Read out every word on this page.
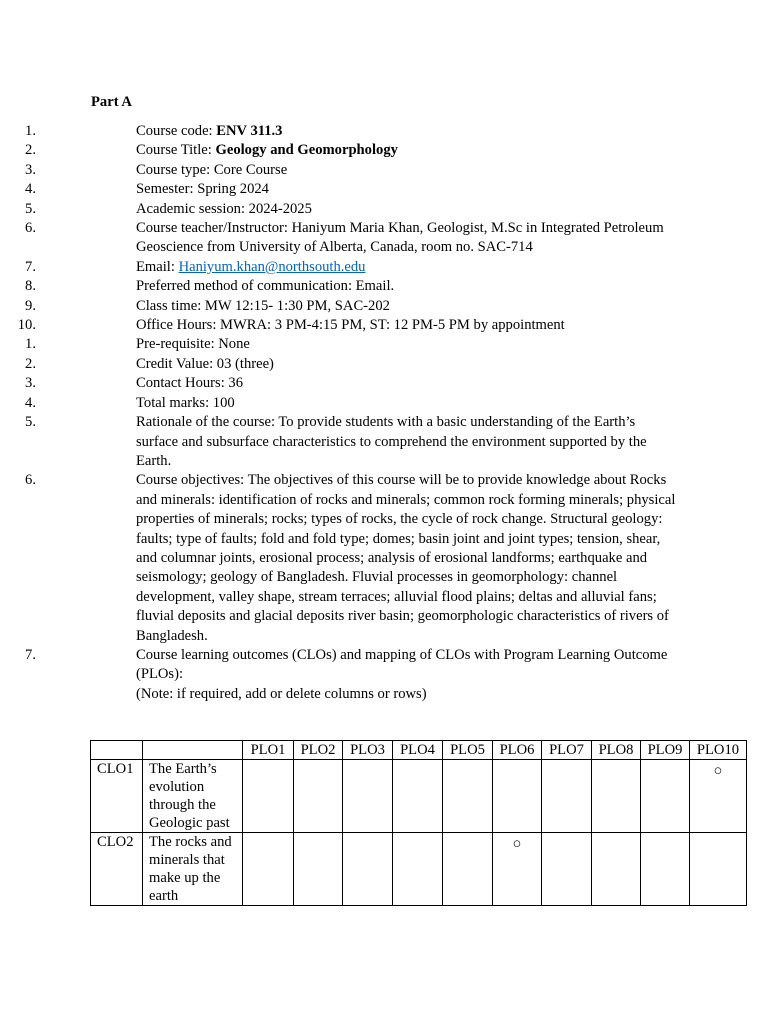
Part A
1.	Course code: ENV 311.3
2.	Course Title: Geology and Geomorphology
3.	Course type: Core Course
4.	Semester: Spring 2024
5.	Academic session: 2024-2025
6.	Course teacher/Instructor: Haniyum Maria Khan, Geologist, M.Sc in Integrated Petroleum Geoscience from University of Alberta, Canada, room no. SAC-714
7.	Email: Haniyum.khan@northsouth.edu
8.	Preferred method of communication: Email.
9.	Class time: MW 12:15- 1:30 PM, SAC-202
10.	Office Hours: MWRA: 3 PM-4:15 PM, ST: 12 PM-5 PM by appointment
1.	Pre-requisite: None
2.	Credit Value: 03 (three)
3.	Contact Hours: 36
4.	Total marks: 100
5.	Rationale of the course: To provide students with a basic understanding of the Earth’s surface and subsurface characteristics to comprehend the environment supported by the Earth.
6.	Course objectives: The objectives of this course will be to provide knowledge about Rocks and minerals: identification of rocks and minerals; common rock forming minerals; physical properties of minerals; rocks; types of rocks, the cycle of rock change. Structural geology: faults; type of faults; fold and fold type; domes; basin joint and joint types; tension, shear, and columnar joints, erosional process; analysis of erosional landforms; earthquake and seismology; geology of Bangladesh. Fluvial processes in geomorphology: channel development, valley shape, stream terraces; alluvial flood plains; deltas and alluvial fans; fluvial deposits and glacial deposits river basin; geomorphologic characteristics of rivers of Bangladesh.
7.	Course learning outcomes (CLOs) and mapping of CLOs with Program Learning Outcome (PLOs):
(Note: if required, add or delete columns or rows)
		PLO1	PLO2	PLO3	PLO4	PLO5	PLO6	PLO7	PLO8	PLO9	PLO10
CLO1	The Earth’s evolution through the Geologic past										○
CLO2	The rocks and minerals that make up the earth						○				
